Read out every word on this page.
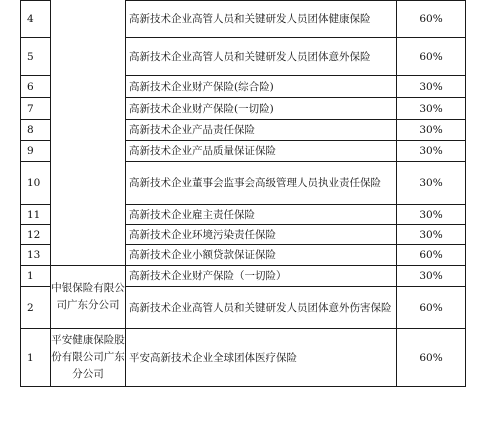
4		高新技术企业高管人员和关键研发人员团体健康保险	60%
5		高新技术企业高管人员和关键研发人员团体意外保险	60%
6		高新技术企业财产保险(综合险)	30%
7		高新技术企业财产保险(一切险)	30%
8		高新技术企业产品责任保险	30%
9		高新技术企业产品质量保证保险	30%
10		高新技术企业董事会监事会高级管理人员执业责任保险	30%
11		高新技术企业雇主责任保险	30%
12		高新技术企业环境污染责任保险	30%
13		高新技术企业小额贷款保证保险	60%
1	中银保险有限公司广东分公司	高新技术企业财产保险（一切险）	30%
2		高新技术企业高管人员和关键研发人员团体意外伤害保险	60%
1	平安健康保险股份有限公司广东分公司	平安高新技术企业全球团体医疗保险	60%
